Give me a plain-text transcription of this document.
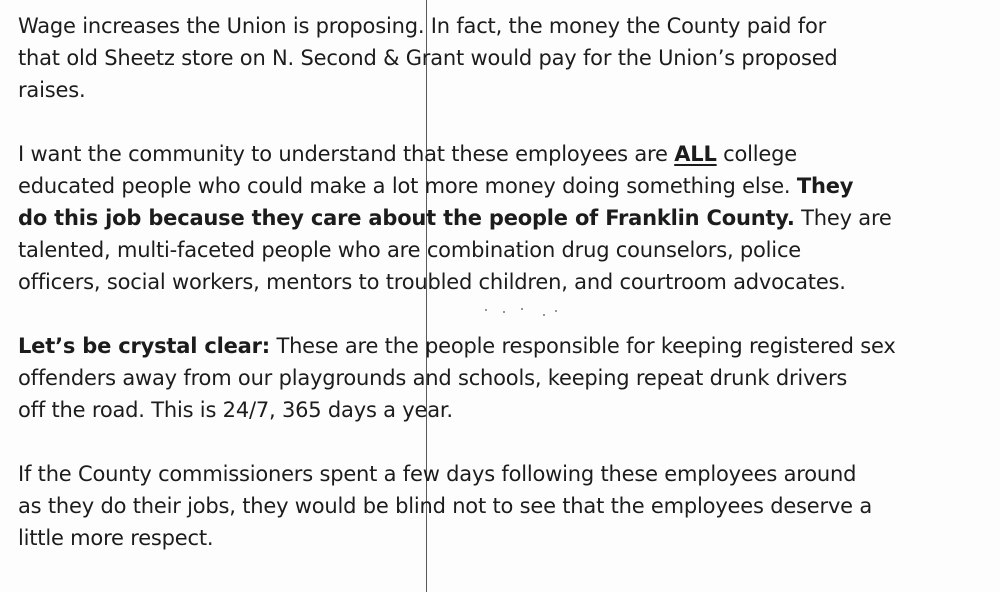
Wage increases the Union is proposing. In fact, the money the County paid for
that old Sheetz store on N. Second & Grant would pay for the Union’s proposed
raises.
I want the community to understand that these employees are ALL college
educated people who could make a lot more money doing something else. They
do this job because they care about the people of Franklin County. They are
talented, multi-faceted people who are combination drug counselors, police
officers, social workers, mentors to troubled children, and courtroom advocates.
Let’s be crystal clear: These are the people responsible for keeping registered sex
offenders away from our playgrounds and schools, keeping repeat drunk drivers
off the road. This is 24/7, 365 days a year.
If the County commissioners spent a few days following these employees around
as they do their jobs, they would be blind not to see that the employees deserve a
little more respect.
